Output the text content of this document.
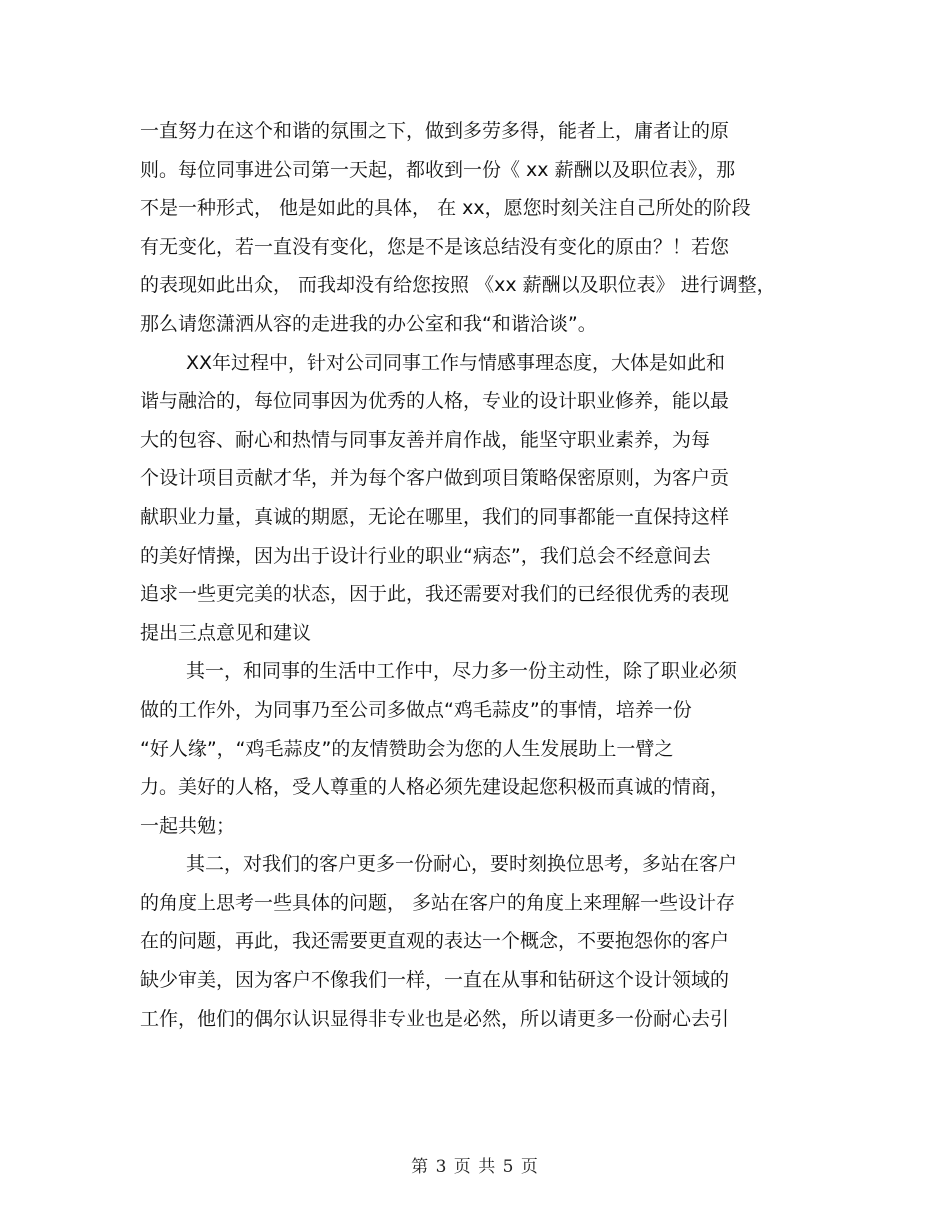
一直努力在这个和谐的氛围之下，做到多劳多得，能者上，庸者让的原
则。每位同事进公司第一天起，都收到一份《 xx 薪酬以及职位表》，那
不是一种形式， 他是如此的具体， 在 xx，愿您时刻关注自己所处的阶段
有无变化，若一直没有变化，您是不是该总结没有变化的原由？！若您
的表现如此出众， 而我却没有给您按照 《xx 薪酬以及职位表》 进行调整，
那么请您潇洒从容的走进我的办公室和我“和谐洽谈”。
XX年过程中，针对公司同事工作与情感事理态度，大体是如此和
谐与融洽的，每位同事因为优秀的人格，专业的设计职业修养，能以最
大的包容、耐心和热情与同事友善并肩作战，能坚守职业素养，为每
个设计项目贡献才华，并为每个客户做到项目策略保密原则，为客户贡
献职业力量，真诚的期愿，无论在哪里，我们的同事都能一直保持这样
的美好情操，因为出于设计行业的职业“病态”，我们总会不经意间去
追求一些更完美的状态，因于此，我还需要对我们的已经很优秀的表现
提出三点意见和建议
其一，和同事的生活中工作中，尽力多一份主动性，除了职业必须
做的工作外，为同事乃至公司多做点“鸡毛蒜皮”的事情，培养一份
“好人缘”，“鸡毛蒜皮”的友情赞助会为您的人生发展助上一臂之
力。美好的人格，受人尊重的人格必须先建设起您积极而真诚的情商，
一起共勉；
其二，对我们的客户更多一份耐心，要时刻换位思考，多站在客户
的角度上思考一些具体的问题， 多站在客户的角度上来理解一些设计存
在的问题，再此，我还需要更直观的表达一个概念，不要抱怨你的客户
缺少审美，因为客户不像我们一样，一直在从事和钻研这个设计领域的
工作，他们的偶尔认识显得非专业也是必然，所以请更多一份耐心去引
第 3 页 共 5 页
